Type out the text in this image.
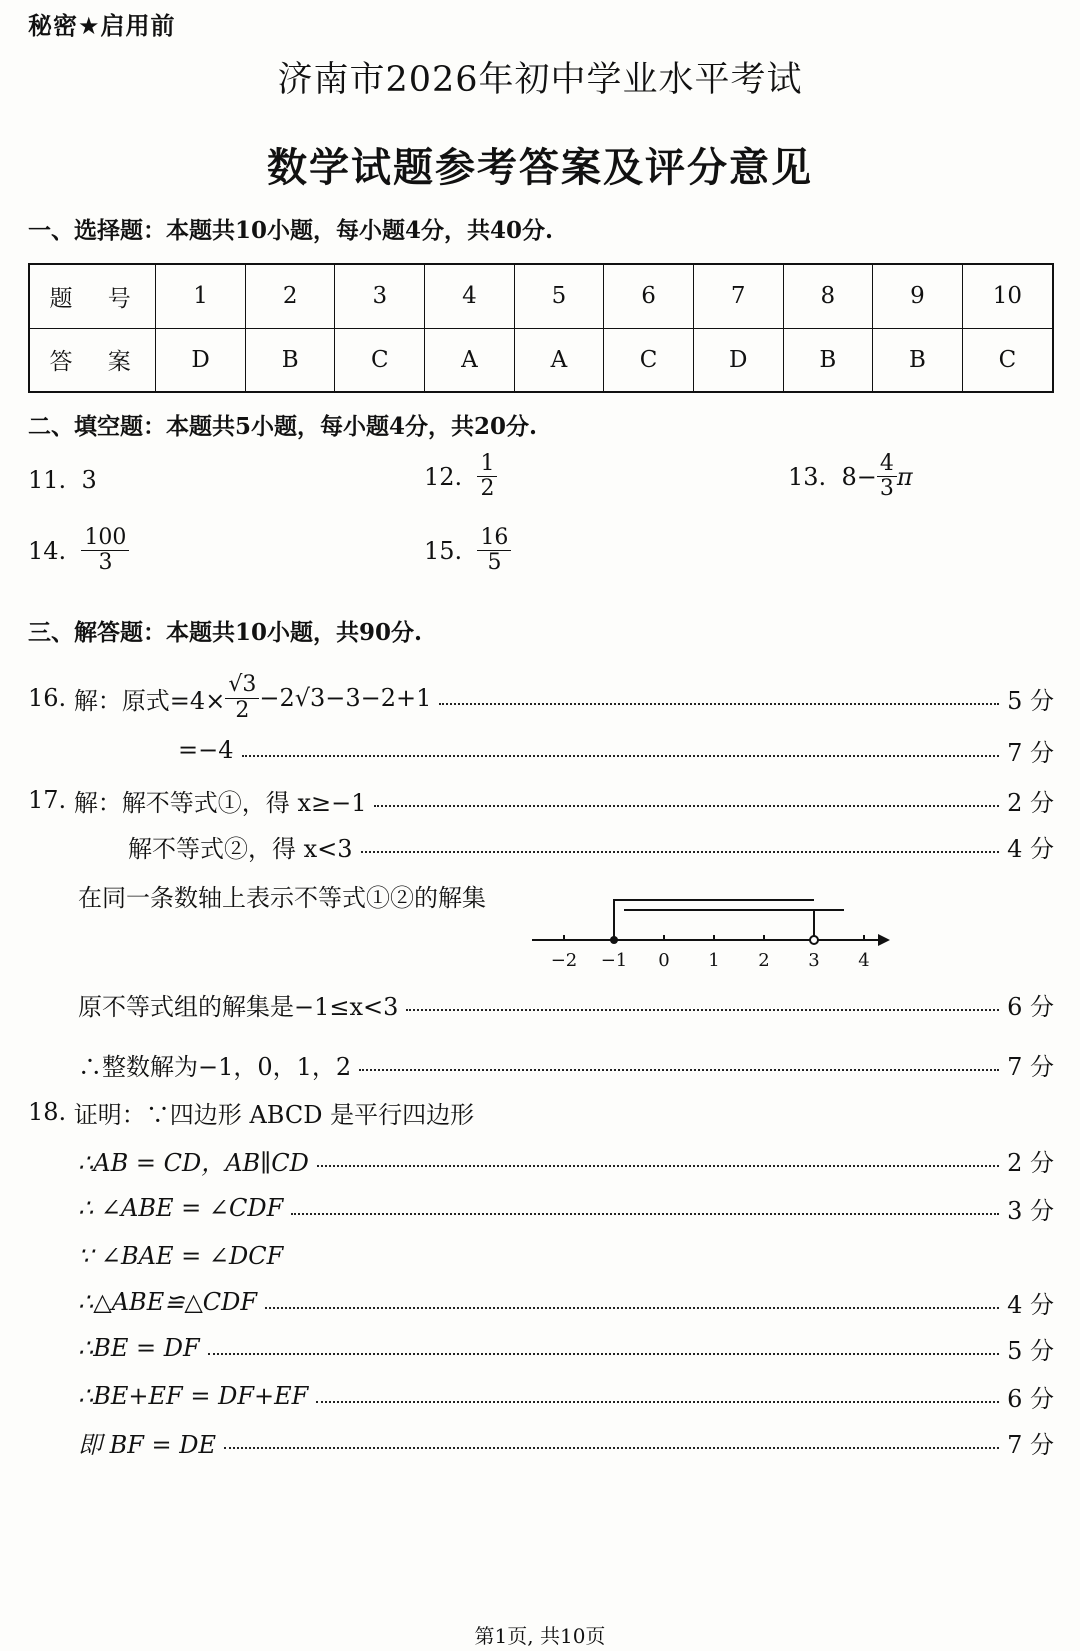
秘密★启用前
济南市2026年初中学业水平考试
数学试题参考答案及评分意见
一、选择题：本题共10小题，每小题4分，共40分.
题 号	1	2	3	4	5	6	7	8	9	10
答 案	D	B	C	A	A	C	D	B	B	C
二、填空题：本题共5小题，每小题4分，共20分.
11. 3	12.
$\frac{1}{2}$	13.
$8- \frac{4}{3}$ π
14.
$\frac{100}{3}$	15.
$\frac{16}{5}$
三、解答题：本题共10小题，共90分.
16.
解： 原式$=4\times \frac{√3}{2} -2√3-3-2+1$	5 分
=−4	7 分
17.
解： 解不等式①，得 x≥−1	2 分
解不等式②，得 x<3	4 分
在同一条数轴上表示不等式①②的解集
−2 −1 0 1 2 3 4
原不等式组的解集是−1≤x<3	6 分
∴整数解为−1，0，1，2	7 分
18.
证明：∵四边形 ABCD 是平行四边形
∴AB = CD，AB∥CD	2 分
∴ ∠ABE = ∠CDF	3 分
∵ ∠BAE = ∠DCF
∴△ABE≌△CDF	4 分
∴BE = DF	5 分
∴BE+EF = DF+EF	6 分
即 BF = DE	7 分
第1页, 共10页
